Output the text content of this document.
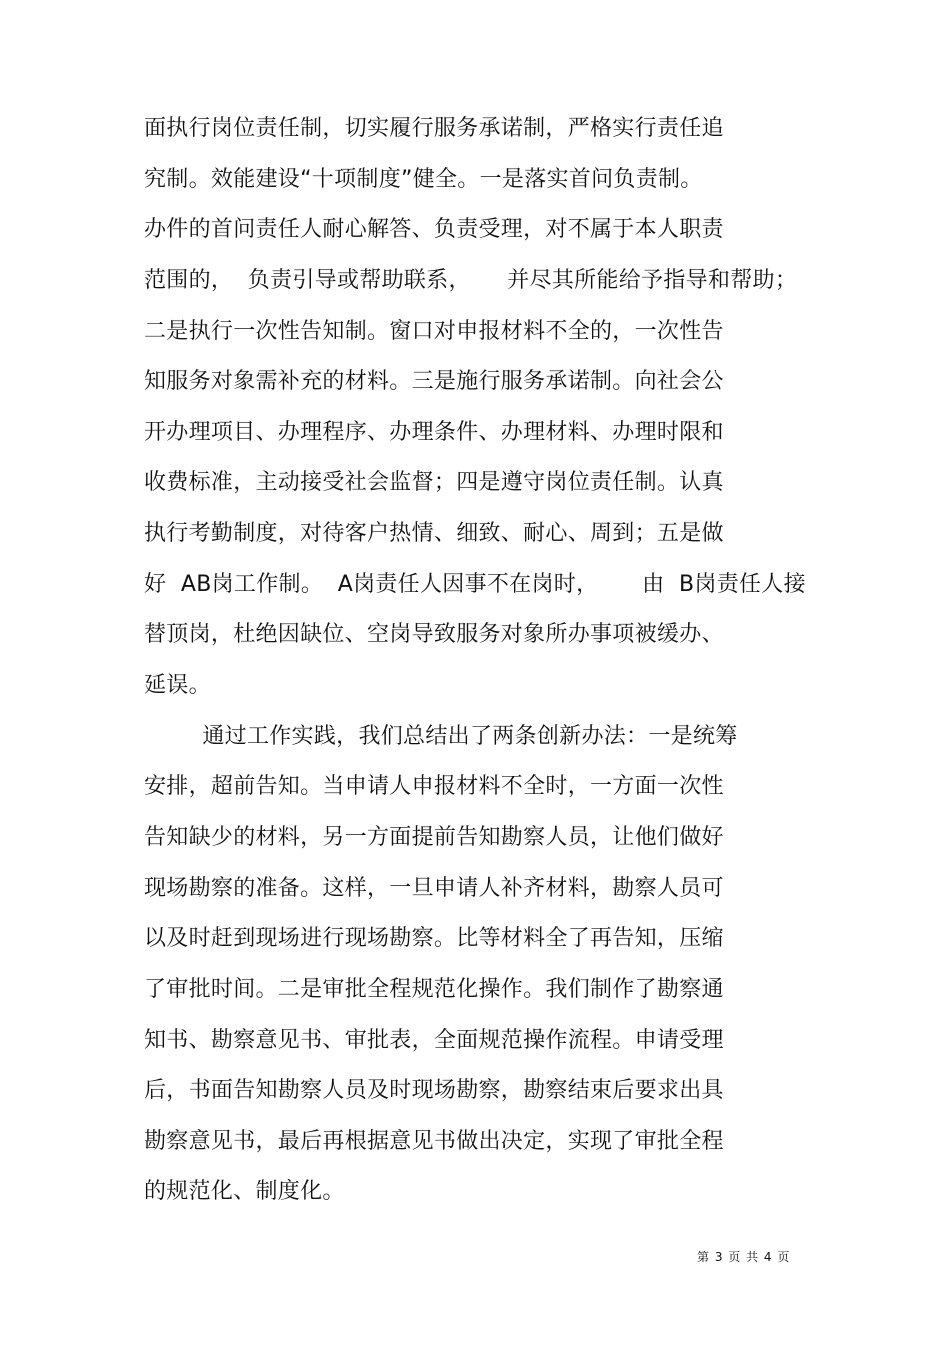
面执行岗位责任制，切实履行服务承诺制，严格实行责任追
究制。效能建设“十项制度”健全。一是落实首问负责制。
办件的首问责任人耐心解答、负责受理，对不属于本人职责
范围的，  负责引导或帮助联系，     并尽其所能给予指导和帮助；
二是执行一次性告知制。窗口对申报材料不全的，一次性告
知服务对象需补充的材料。三是施行服务承诺制。向社会公
开办理项目、办理程序、办理条件、办理材料、办理时限和
收费标准，主动接受社会监督；四是遵守岗位责任制。认真
执行考勤制度，对待客户热情、细致、耐心、周到；五是做
好  AB岗工作制。  A岗责任人因事不在岗时，      由  B岗责任人接
替顶岗，杜绝因缺位、空岗导致服务对象所办事项被缓办、
延误。
通过工作实践，我们总结出了两条创新办法：一是统筹
安排，超前告知。当申请人申报材料不全时，一方面一次性
告知缺少的材料，另一方面提前告知勘察人员，让他们做好
现场勘察的准备。这样，一旦申请人补齐材料，勘察人员可
以及时赶到现场进行现场勘察。比等材料全了再告知，压缩
了审批时间。二是审批全程规范化操作。我们制作了勘察通
知书、勘察意见书、审批表，全面规范操作流程。申请受理
后，书面告知勘察人员及时现场勘察，勘察结束后要求出具
勘察意见书，最后再根据意见书做出决定，实现了审批全程
的规范化、制度化。
第 3 页 共 4 页
